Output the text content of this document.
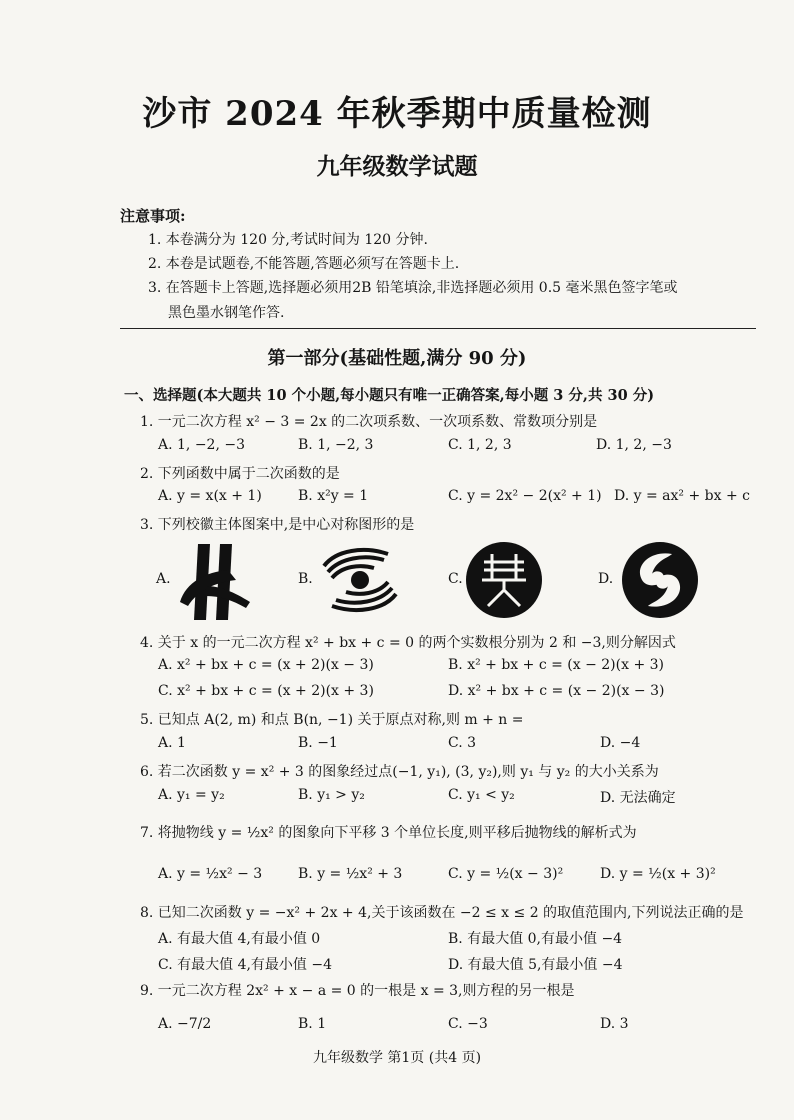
沙市 2024 年秋季期中质量检测
九年级数学试题
注意事项:
1. 本卷满分为 120 分,考试时间为 120 分钟.
2. 本卷是试题卷,不能答题,答题必须写在答题卡上.
3. 在答题卡上答题,选择题必须用2B 铅笔填涂,非选择题必须用 0.5 毫米黑色签字笔或
黑色墨水钢笔作答.
第一部分(基础性题,满分 90 分)
一、选择题(本大题共 10 个小题,每小题只有唯一正确答案,每小题 3 分,共 30 分)
1. 一元二次方程 x² − 3 = 2x 的二次项系数、一次项系数、常数项分别是
A. 1, −2, −3	B. 1, −2, 3	C. 1, 2, 3	D. 1, 2, −3
2. 下列函数中属于二次函数的是
A. y = x(x + 1)	B. x²y = 1	C. y = 2x² − 2(x² + 1) D. y = ax² + bx + c
3. 下列校徽主体图案中,是中心对称图形的是
A.	B.	C.	D.
4. 关于 x 的一元二次方程 x² + bx + c = 0 的两个实数根分别为 2 和 −3,则分解因式
A. x² + bx + c = (x + 2)(x − 3)	B. x² + bx + c = (x − 2)(x + 3)
C. x² + bx + c = (x + 2)(x + 3)	D. x² + bx + c = (x − 2)(x − 3)
5. 已知点 A(2, m) 和点 B(n, −1) 关于原点对称,则 m + n =
A. 1	B. −1	C. 3	D. −4
6. 若二次函数 y = x² + 3 的图象经过点(−1, y₁), (3, y₂),则 y₁ 与 y₂ 的大小关系为
A. y₁ = y₂	B. y₁ > y₂	C. y₁ < y₂	D. 无法确定
7. 将抛物线 y = ½x² 的图象向下平移 3 个单位长度,则平移后抛物线的解析式为
A. y = ½x² − 3	B. y = ½x² + 3	C. y = ½(x − 3)²	D. y = ½(x + 3)²
8. 已知二次函数 y = −x² + 2x + 4,关于该函数在 −2 ≤ x ≤ 2 的取值范围内,下列说法正确的是
A. 有最大值 4,有最小值 0	B. 有最大值 0,有最小值 −4
C. 有最大值 4,有最小值 −4	D. 有最大值 5,有最小值 −4
9. 一元二次方程 2x² + x − a = 0 的一根是 x = 3,则方程的另一根是
A. −7/2	B. 1	C. −3	D. 3
九年级数学 第1页 (共4 页)
